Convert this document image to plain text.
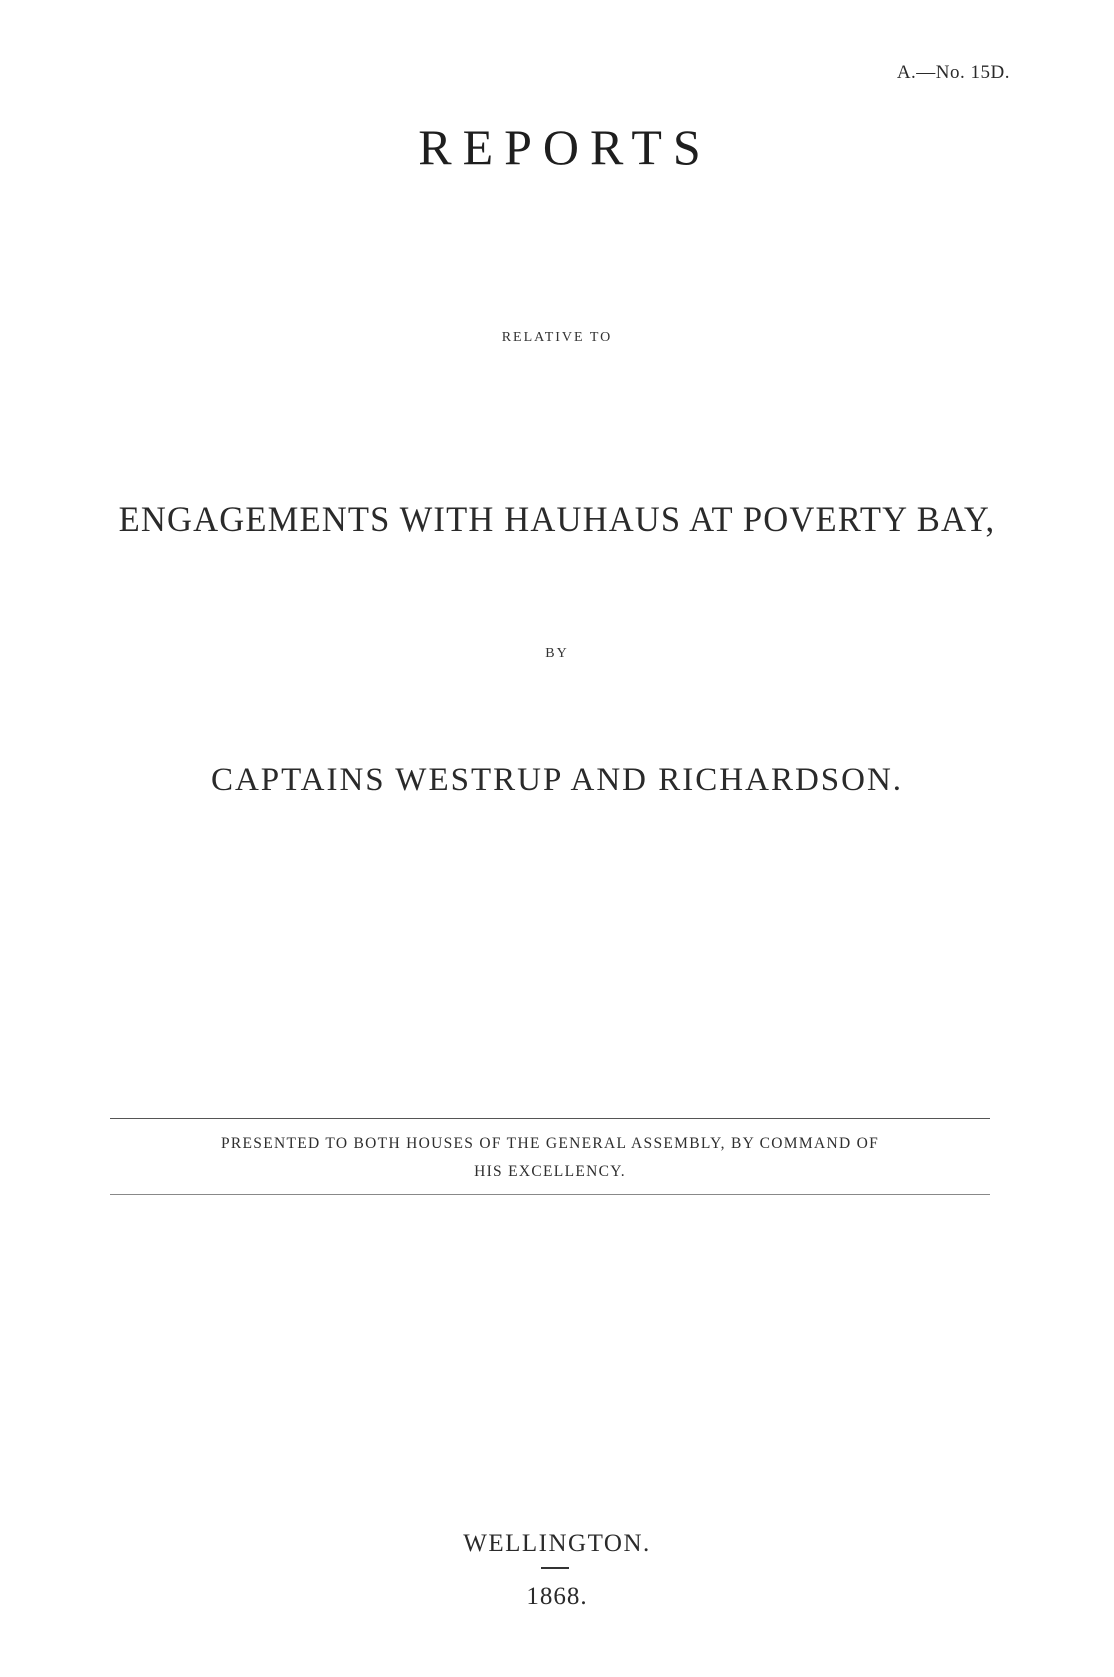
A.—No. 15D.
REPORTS
RELATIVE TO
ENGAGEMENTS WITH HAUHAUS AT POVERTY BAY,
BY
CAPTAINS WESTRUP AND RICHARDSON.
PRESENTED TO BOTH HOUSES OF THE GENERAL ASSEMBLY, BY COMMAND OF
HIS EXCELLENCY.
WELLINGTON.
1868.
